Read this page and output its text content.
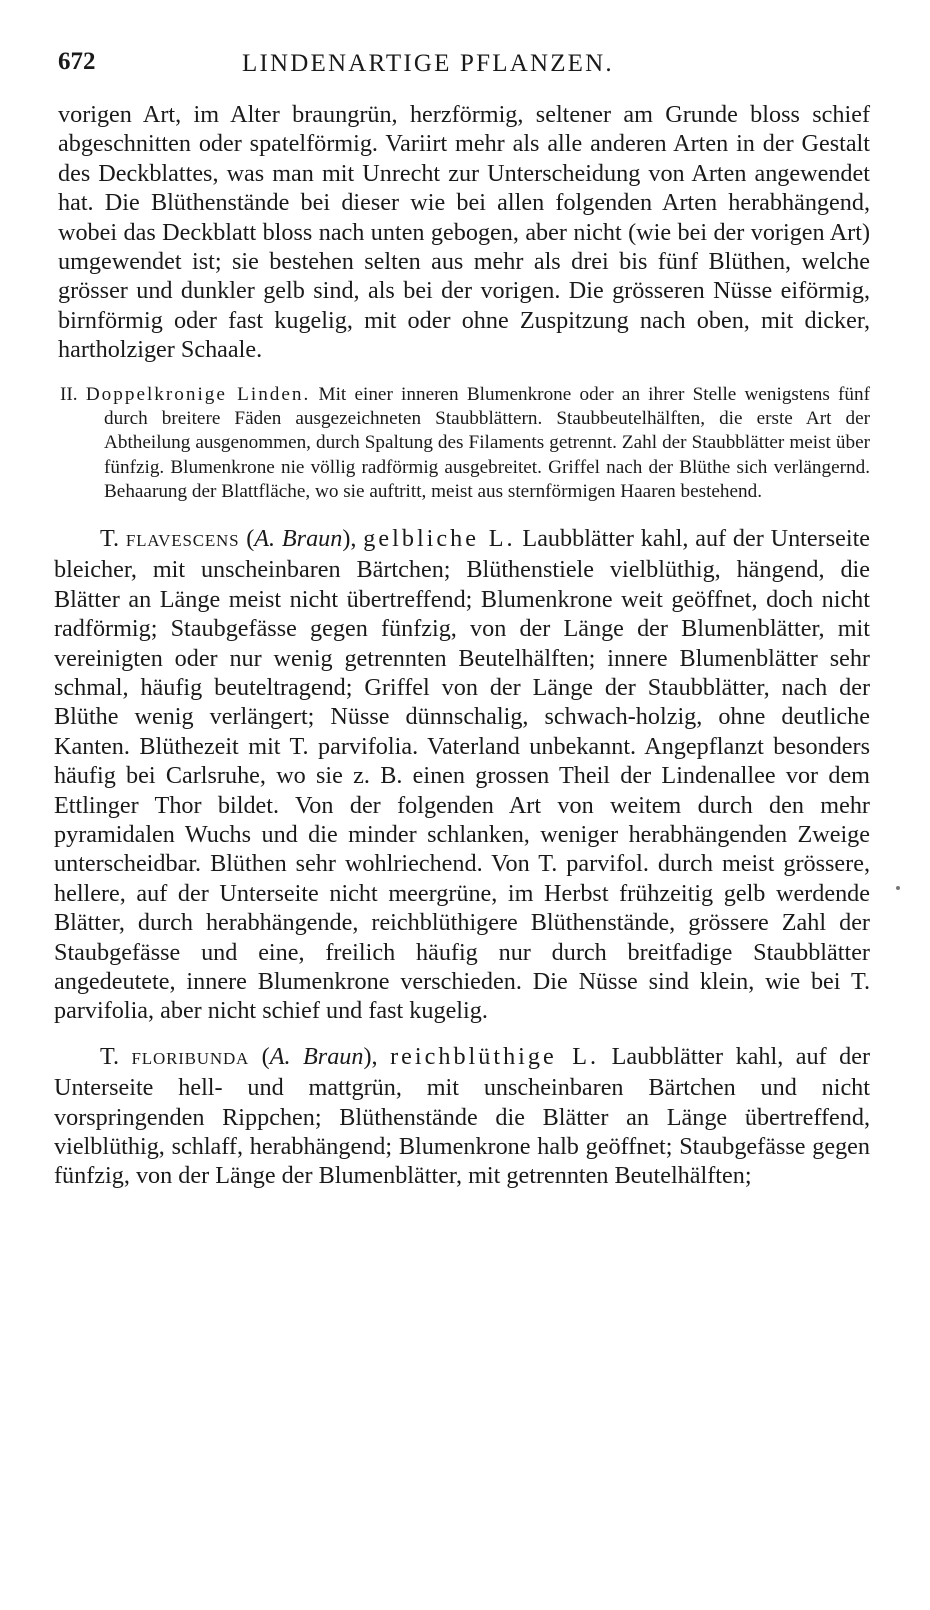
672	LINDENARTIGE PFLANZEN.

vorigen Art, im Alter braungrün, herzförmig, seltener am Grunde bloss schief abgeschnitten oder spatelförmig. Variirt mehr als alle anderen Arten in der Gestalt des Deckblattes, was man mit Unrecht zur Unterscheidung von Arten angewendet hat. Die Blüthenstände bei dieser wie bei allen folgenden Arten herabhängend, wobei das Deckblatt bloss nach unten gebogen, aber nicht (wie bei der vorigen Art) umgewendet ist; sie bestehen selten aus mehr als drei bis fünf Blüthen, welche grösser und dunkler gelb sind, als bei der vorigen. Die grösseren Nüsse eiförmig, birnförmig oder fast kugelig, mit oder ohne Zuspitzung nach oben, mit dicker, hartholziger Schaale.

II. Doppelkronige Linden. Mit einer inneren Blumenkrone oder an ihrer Stelle wenigstens fünf durch breitere Fäden ausgezeichneten Staubblättern. Staubbeutelhälften, die erste Art der Abtheilung ausgenommen, durch Spaltung des Filaments getrennt. Zahl der Staubblätter meist über fünfzig. Blumenkrone nie völlig radförmig ausgebreitet. Griffel nach der Blüthe sich verlängernd. Behaarung der Blattfläche, wo sie auftritt, meist aus sternförmigen Haaren bestehend.

T. FLAVESCENS (A. Braun), gelbliche L. Laubblätter kahl, auf der Unterseite bleicher, mit unscheinbaren Bärtchen; Blüthenstiele vielblüthig, hängend, die Blätter an Länge meist nicht übertreffend; Blumenkrone weit geöffnet, doch nicht radförmig; Staubgefässe gegen fünfzig, von der Länge der Blumenblätter, mit vereinigten oder nur wenig getrennten Beutelhälften; innere Blumenblätter sehr schmal, häufig beuteltragend; Griffel von der Länge der Staubblätter, nach der Blüthe wenig verlängert; Nüsse dünnschalig, schwach-holzig, ohne deutliche Kanten. Blüthezeit mit T. parvifolia. Vaterland unbekannt. Angepflanzt besonders häufig bei Carlsruhe, wo sie z. B. einen grossen Theil der Lindenallee vor dem Ettlinger Thor bildet. Von der folgenden Art von weitem durch den mehr pyramidalen Wuchs und die minder schlanken, weniger herabhängenden Zweige unterscheidbar. Blüthen sehr wohlriechend. Von T. parvifol. durch meist grössere, hellere, auf der Unterseite nicht meergrüne, im Herbst frühzeitig gelb werdende Blätter, durch herabhängende, reichblüthigere Blüthenstände, grössere Zahl der Staubgefässe und eine, freilich häufig nur durch breitfadige Staubblätter angedeutete, innere Blumenkrone verschieden. Die Nüsse sind klein, wie bei T. parvifolia, aber nicht schief und fast kugelig.

T. FLORIBUNDA (A. Braun), reichblüthige L. Laubblätter kahl, auf der Unterseite hell- und mattgrün, mit unscheinbaren Bärtchen und nicht vorspringenden Rippchen; Blüthenstände die Blätter an Länge übertreffend, vielblüthig, schlaff, herabhängend; Blumenkrone halb geöffnet; Staubgefässe gegen fünfzig, von der Länge der Blumenblätter, mit getrennten Beutelhälften;
